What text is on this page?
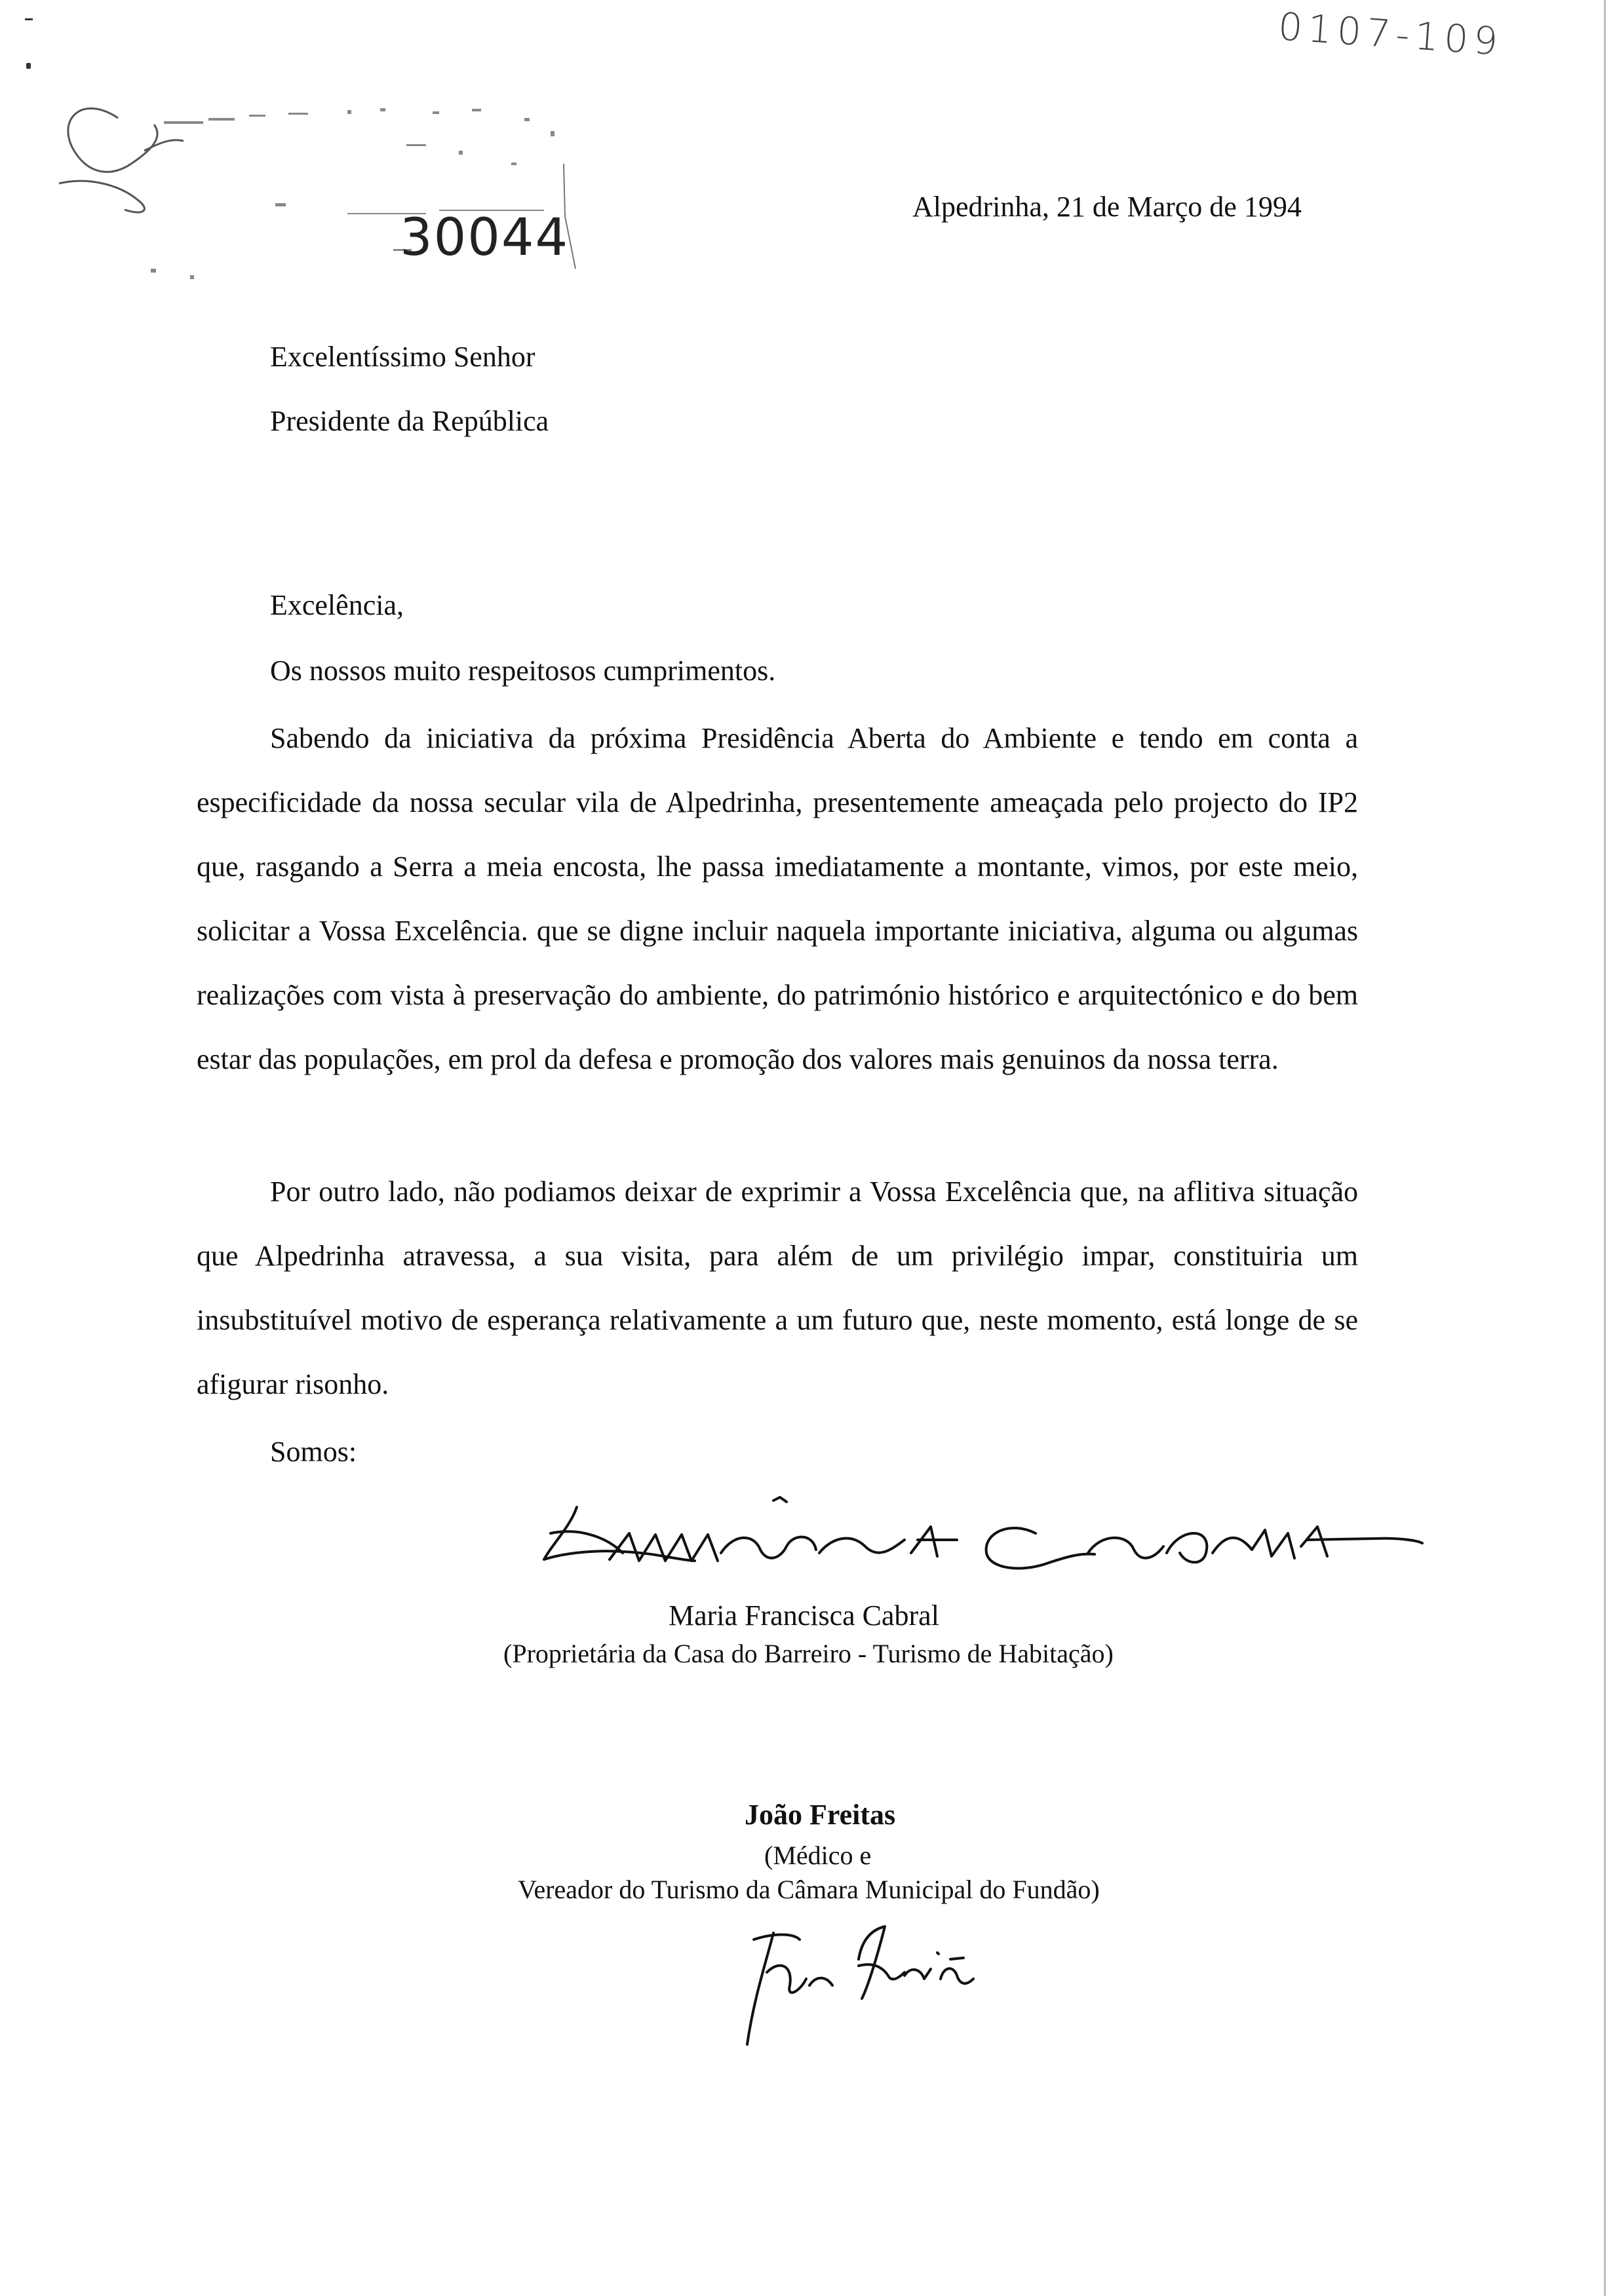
0107-109
30044
Alpedrinha, 21 de Março de 1994
Excelentíssimo Senhor
Presidente da República
Excelência,
Os nossos muito respeitosos cumprimentos.

Sabendo da iniciativa da próxima Presidência Aberta do Ambiente e tendo em conta a especificidade da nossa secular vila de Alpedrinha, presentemente ameaçada pelo projecto do IP2 que, rasgando a Serra a meia encosta, lhe passa imediatamente a montante, vimos, por este meio, solicitar a Vossa Excelência. que se digne incluir naquela importante iniciativa, alguma ou algumas realizações com vista à preservação do ambiente, do património histórico e arquitectónico e do bem estar das populações, em prol da defesa e promoção dos valores mais genuinos da nossa terra.

Por outro lado, não podiamos deixar de exprimir a Vossa Excelência que, na aflitiva situação que Alpedrinha atravessa, a sua visita, para além de um privilégio impar, constituiria um insubstituível motivo de esperança relativamente a um futuro que, neste momento, está longe de se afigurar risonho.

Somos:
Maria Francisca Cabral
(Proprietária da Casa do Barreiro - Turismo de Habitação)
João Freitas
(Médico e
Vereador do Turismo da Câmara Municipal do Fundão)
